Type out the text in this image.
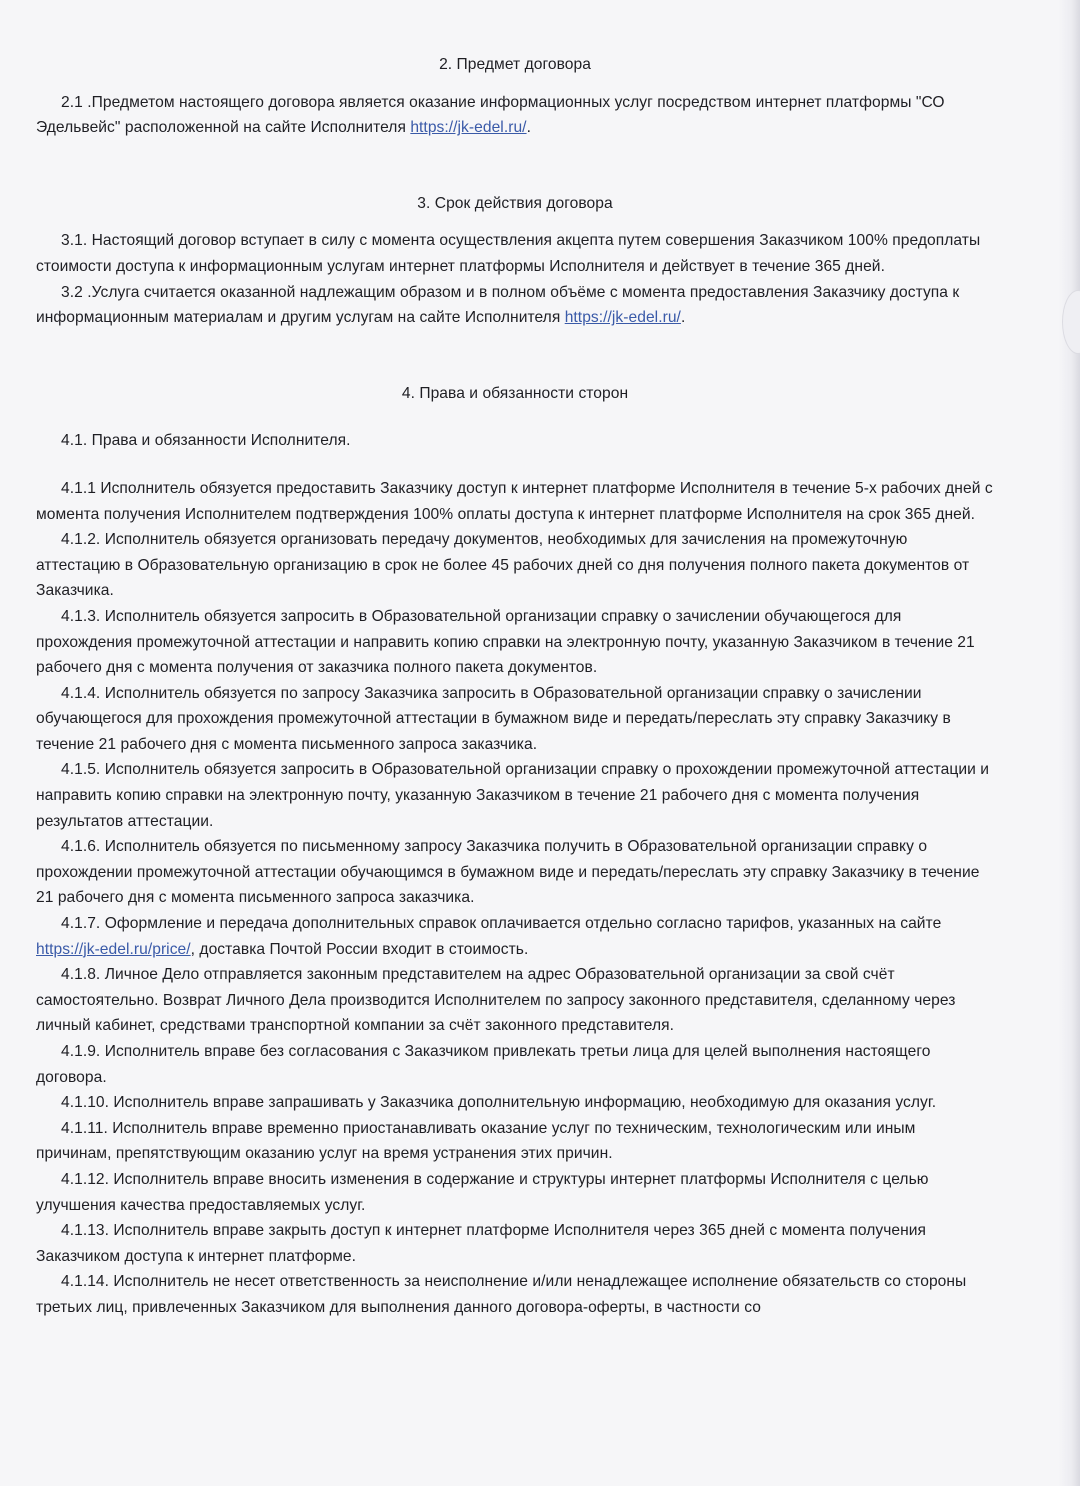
2. Предмет договора

2.1 .Предметом настоящего договора является оказание информационных услуг посредством интернет платформы "СО Эдельвейс" расположенной на сайте Исполнителя https://jk-edel.ru/.

3. Срок действия договора

3.1. Настоящий договор вступает в силу с момента осуществления акцепта путем совершения Заказчиком 100% предоплаты стоимости доступа к информационным услугам интернет платформы Исполнителя и действует в течение 365 дней.

3.2 .Услуга считается оказанной надлежащим образом и в полном объёме с момента предоставления Заказчику доступа к информационным материалам и другим услугам на сайте Исполнителя https://jk-edel.ru/.

4. Права и обязанности сторон

4.1. Права и обязанности Исполнителя.

4.1.1 Исполнитель обязуется предоставить Заказчику доступ к интернет платформе Исполнителя в течение 5-х рабочих дней с момента получения Исполнителем подтверждения 100% оплаты доступа к интернет платформе Исполнителя на срок 365 дней.

4.1.2. Исполнитель обязуется организовать передачу документов, необходимых для зачисления на промежуточную аттестацию в Образовательную организацию в срок не более 45 рабочих дней со дня получения полного пакета документов от Заказчика.

4.1.3. Исполнитель обязуется запросить в Образовательной организации справку о зачислении обучающегося для прохождения промежуточной аттестации и направить копию справки на электронную почту, указанную Заказчиком в течение 21 рабочего дня с момента получения от заказчика полного пакета документов.

4.1.4. Исполнитель обязуется по запросу Заказчика запросить в Образовательной организации справку о зачислении обучающегося для прохождения промежуточной аттестации в бумажном виде и передать/переслать эту справку Заказчику в течение 21 рабочего дня с момента письменного запроса заказчика.

4.1.5. Исполнитель обязуется запросить в Образовательной организации справку о прохождении промежуточной аттестации и направить копию справки на электронную почту, указанную Заказчиком в течение 21 рабочего дня с момента получения результатов аттестации.

4.1.6. Исполнитель обязуется по письменному запросу Заказчика получить в Образовательной организации справку о прохождении промежуточной аттестации обучающимся в бумажном виде и передать/переслать эту справку Заказчику в течение 21 рабочего дня с момента письменного запроса заказчика.

4.1.7. Оформление и передача дополнительных справок оплачивается отдельно согласно тарифов, указанных на сайте https://jk-edel.ru/price/, доставка Почтой России входит в стоимость.

4.1.8. Личное Дело отправляется законным представителем на адрес Образовательной организации за свой счёт самостоятельно. Возврат Личного Дела производится Исполнителем по запросу законного представителя, сделанному через личный кабинет, средствами транспортной компании за счёт законного представителя.

4.1.9. Исполнитель вправе без согласования с Заказчиком привлекать третьи лица для целей выполнения настоящего договора.

4.1.10. Исполнитель вправе запрашивать у Заказчика дополнительную информацию, необходимую для оказания услуг.

4.1.11. Исполнитель вправе временно приостанавливать оказание услуг по техническим, технологическим или иным причинам, препятствующим оказанию услуг на время устранения этих причин.

4.1.12. Исполнитель вправе вносить изменения в содержание и структуры интернет платформы Исполнителя с целью улучшения качества предоставляемых услуг.

4.1.13. Исполнитель вправе закрыть доступ к интернет платформе Исполнителя через 365 дней с момента получения Заказчиком доступа к интернет платформе.

4.1.14. Исполнитель не несет ответственность за неисполнение и/или ненадлежащее исполнение обязательств со стороны третьих лиц, привлеченных Заказчиком для выполнения данного договора-оферты, в частности со
